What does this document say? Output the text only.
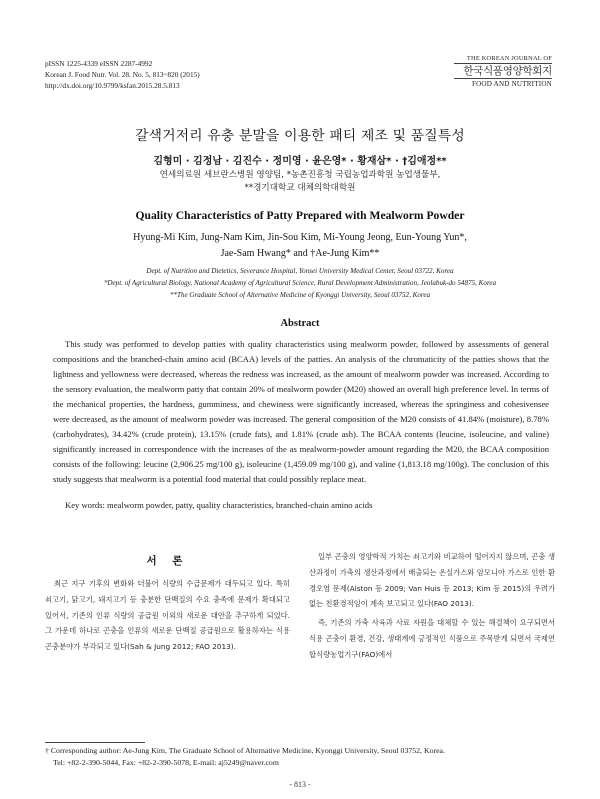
pISSN 1225-4339 eISSN 2287-4992
Korean J. Food Nutr. Vol. 28. No. 5, 813~820 (2015)
http://dx.doi.org/10.9799/ksfan.2015.28.5.813
THE KOREAN JOURNAL OF
한국식품영양학회지
FOOD AND NUTRITION
갈색거저리 유충 분말을 이용한 패티 제조 및 품질특성
김형미 · 김정남 · 김진수 · 정미영 · 윤은영* · 황재삼* · †김애정**
연세의료원 세브란스병원 영양팀, *농촌진흥청 국립농업과학원 농업생물부,
**경기대학교 대체의학대학원
Quality Characteristics of Patty Prepared with Mealworm Powder
Hyung-Mi Kim, Jung-Nam Kim, Jin-Sou Kim, Mi-Young Jeong, Eun-Young Yun*,
Jae-Sam Hwang* and †Ae-Jung Kim**
Dept. of Nutrition and Dietetics, Severance Hospital, Yonsei University Medical Center, Seoul 03722, Korea
*Dept. of Agricultural Biology, National Academy of Agricultural Science, Rural Development Administration, Jeolabuk-do 54875, Korea
**The Graduate School of Alternative Medicine of Kyonggi University, Seoul 03752, Korea
Abstract
This study was performed to develop patties with quality characteristics using mealworm powder, followed by assessments of general compositions and the branched-chain amino acid (BCAA) levels of the patties. An analysis of the chromaticity of the patties shows that the lightness and yellowness were decreased, whereas the redness was increased, as the amount of mealworm powder was increased. According to the sensory evaluation, the mealworm patty that contain 20% of mealworm powder (M20) showed an overall high preference level. In terms of the mechanical properties, the hardness, gumminess, and chewiness were significantly increased, whereas the springiness and cohesivensee were decreased, as the amount of mealworm powder was increased. The general composition of the M20 consists of 41.84% (moisture), 8.78% (carbohydrates), 34.42% (crude protein), 13.15% (crude fats), and 1.81% (crude ash). The BCAA contents (leucine, isoleucine, and valine) significantly increased in correspondence with the increases of the as mealworm-powder amount regarding the M20, the BCAA composition consists of the following: leucine (2,906.25 mg/100 g), isoleucine (1,459.09 mg/100 g), and valine (1,813.18 mg/100g). The conclusion of this study suggests that mealworm is a potential food material that could possibly replace meat.
Key words: mealworm powder, patty, quality characteristics, branched-chain amino acids
서 론

최근 지구 기후의 변화와 더불어 식량의 수급문제가 대두되고 있다. 특히 쇠고기, 닭고기, 돼지고기 등 충분한 단백질의 수요 충족에 문제가 확대되고 있어서, 기존의 인류 식량의 공급원 이외의 새로운 대안을 추구하게 되었다. 그 가운데 하나로 곤충을 인류의 새로운 단백질 공급원으로 활용하자는 식용곤충분야가 부각되고 있다(Sah & Jung 2012; FAO 2013).

일부 곤충의 영양학적 가치는 쇠고기와 비교하여 떨어지지 않으며, 곤충 생산과정이 가축의 생산과정에서 배출되는 온실가스와 암모니아 가스로 인한 환경오염 문제(Alston 등 2009; Van Huis 등 2013; Kim 등 2015)의 우려가 없는 친환경적임이 계속 보고되고 있다(FAO 2013).

즉, 기존의 가축 사육과 사료 자원을 대체할 수 있는 해결책이 요구되면서 식용 곤충이 환경, 건강, 생태계에 긍정적인 식품으로 주목받게 되면서 국제연합식량농업기구(FAO)에서

† Corresponding author: Ae-Jung Kim, The Graduate School of Alternative Medicine, Kyonggi University, Seoul 03752, Korea.
Tel: +82-2-390-5044, Fax: +82-2-390-5078, E-mail: aj5249@naver.com
- 813 -
